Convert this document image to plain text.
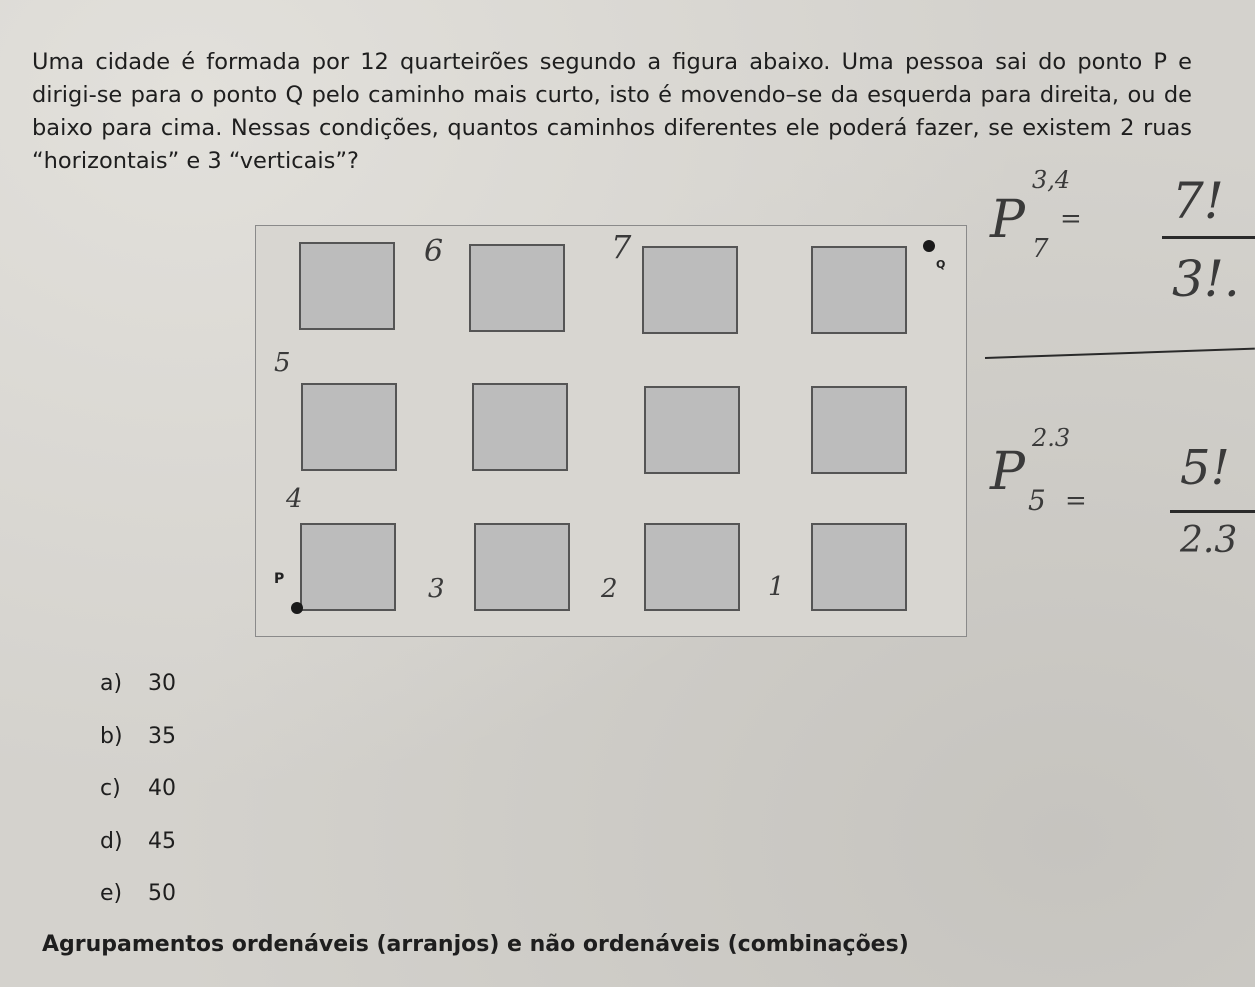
Uma cidade é formada por 12 quarteirões segundo a figura abaixo. Uma pessoa sai do ponto P e dirigi-se para o ponto Q pelo caminho mais curto, isto é movendo–se da esquerda para direita, ou de baixo para cima. Nessas condições, quantos caminhos diferentes ele poderá fazer, se existem 2 ruas “horizontais” e 3 “verticais”?

P
Q
6	7
5
4
3	2	1
P
3,4
7
= 7!
3!.
P
2.3
5 =
5!
2.3
a)	30
b)	35
c)	40
d)	45
e)	50
Agrupamentos ordenáveis (arranjos) e não ordenáveis (combinações)
